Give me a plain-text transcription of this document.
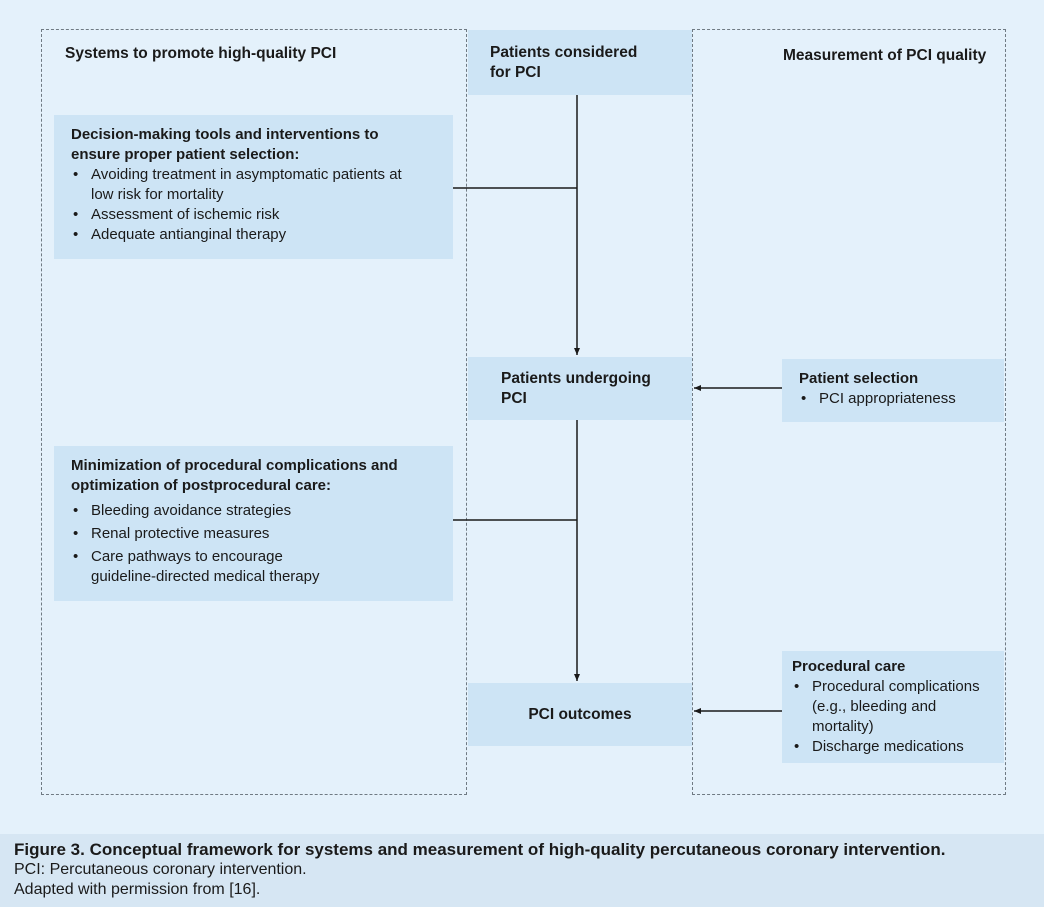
Systems to promote high-quality PCI	Measurement of PCI quality
Patients considered for PCI
Patients undergoing PCI
PCI outcomes
Decision-making tools and interventions to ensure proper patient selection:
• Avoiding treatment in asymptomatic patients at low risk for mortality
• Assessment of ischemic risk
• Adequate antianginal therapy
Minimization of procedural complications and optimization of postprocedural care:
• Bleeding avoidance strategies
• Renal protective measures
• Care pathways to encourage guideline-directed medical therapy
Patient selection
• PCI appropriateness
Procedural care
• Procedural complications (e.g., bleeding and mortality)
• Discharge medications
Figure 3. Conceptual framework for systems and measurement of high-quality percutaneous coronary intervention.
PCI: Percutaneous coronary intervention.
Adapted with permission from [16].
